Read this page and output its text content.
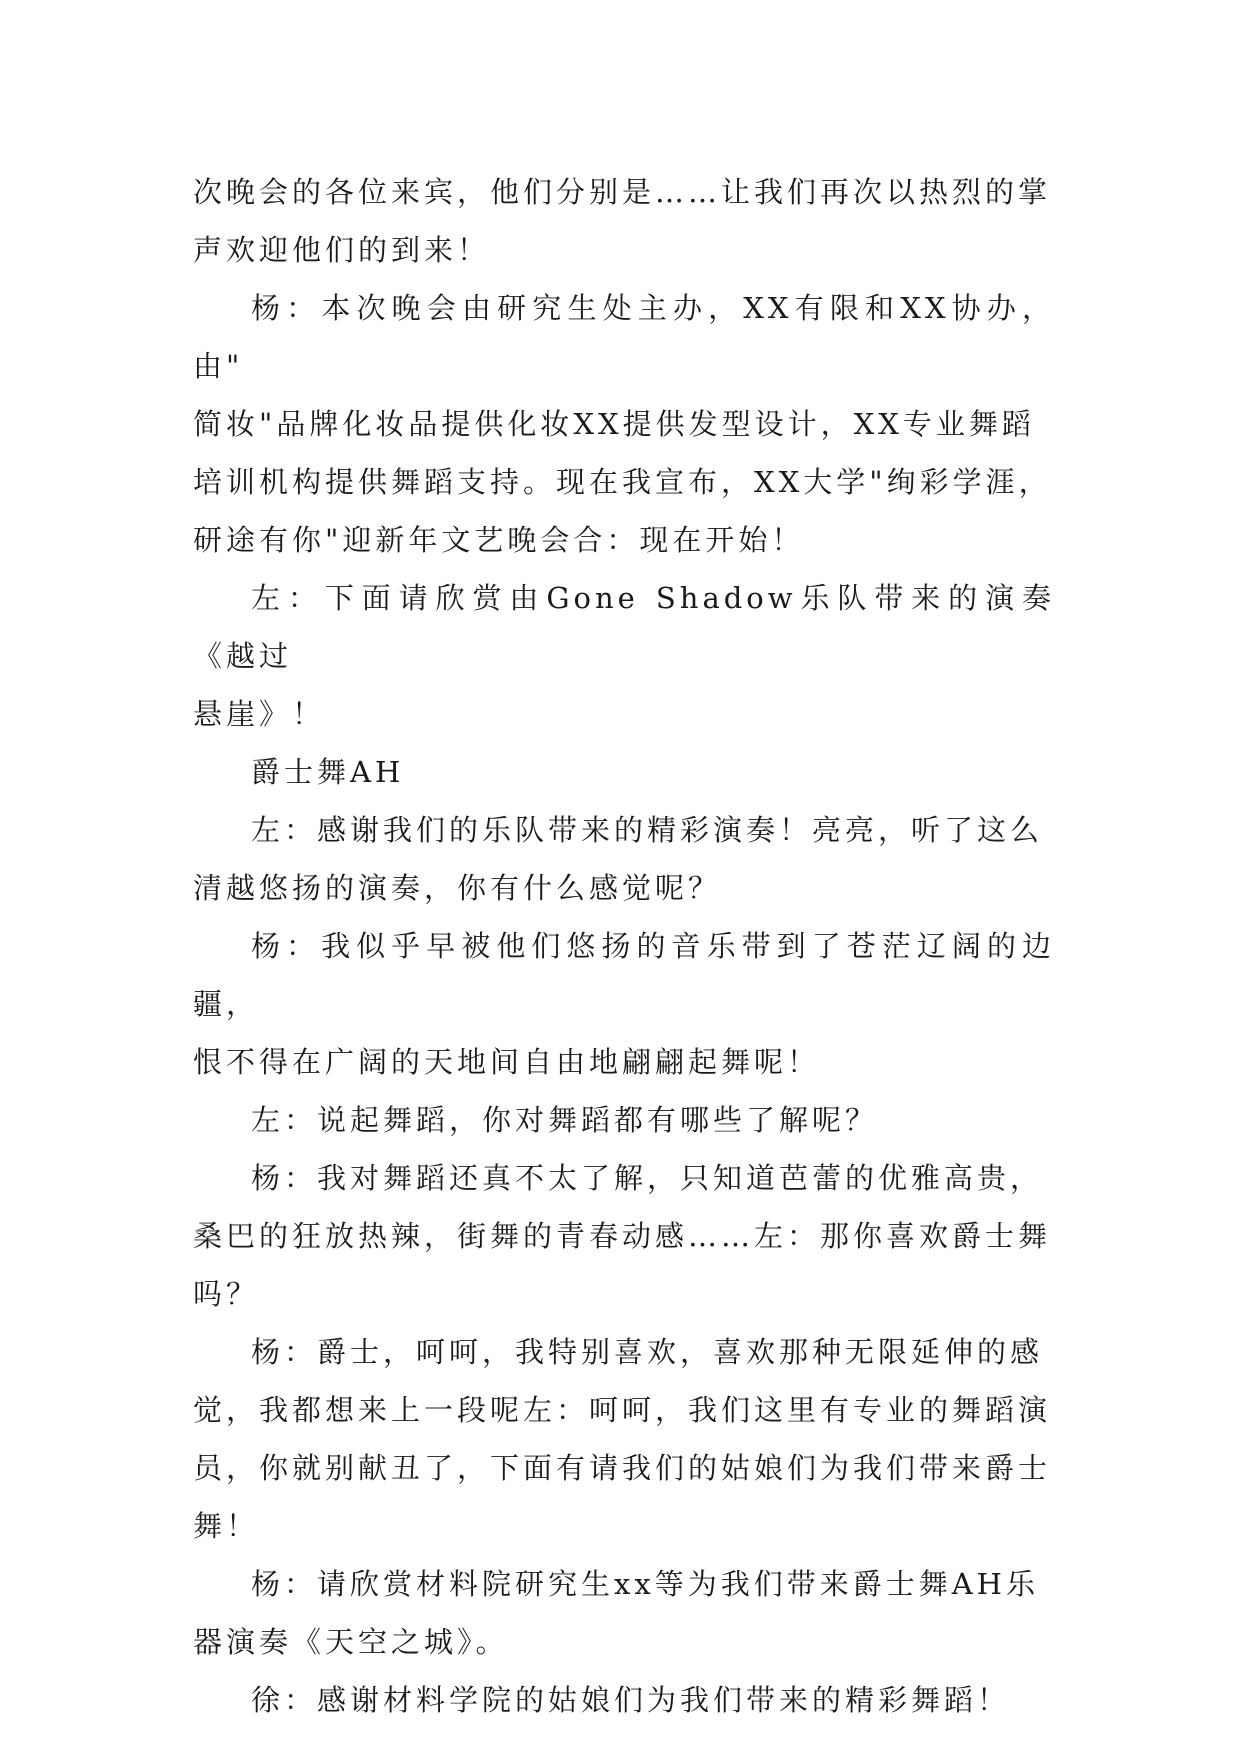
次晚会的各位来宾，他们分别是……让我们再次以热烈的掌
声欢迎他们的到来！

杨：本次晚会由研究生处主办，XX有限和XX协办，由"
简妆"品牌化妆品提供化妆XX提供发型设计，XX专业舞蹈
培训机构提供舞蹈支持。现在我宣布，XX大学"绚彩学涯，
研途有你"迎新年文艺晚会合：现在开始！

左：下面请欣赏由Gone Shadow乐队带来的演奏《越过
悬崖》！

爵士舞AH

左：感谢我们的乐队带来的精彩演奏！亮亮，听了这么
清越悠扬的演奏，你有什么感觉呢？

杨：我似乎早被他们悠扬的音乐带到了苍茫辽阔的边疆，
恨不得在广阔的天地间自由地翩翩起舞呢！

左：说起舞蹈，你对舞蹈都有哪些了解呢？

杨：我对舞蹈还真不太了解，只知道芭蕾的优雅高贵，
桑巴的狂放热辣，街舞的青春动感……左：那你喜欢爵士舞
吗？

杨：爵士，呵呵，我特别喜欢，喜欢那种无限延伸的感
觉，我都想来上一段呢左：呵呵，我们这里有专业的舞蹈演
员，你就别献丑了，下面有请我们的姑娘们为我们带来爵士
舞！

杨：请欣赏材料院研究生xx等为我们带来爵士舞AH乐
器演奏《天空之城》。

徐：感谢材料学院的姑娘们为我们带来的精彩舞蹈！
